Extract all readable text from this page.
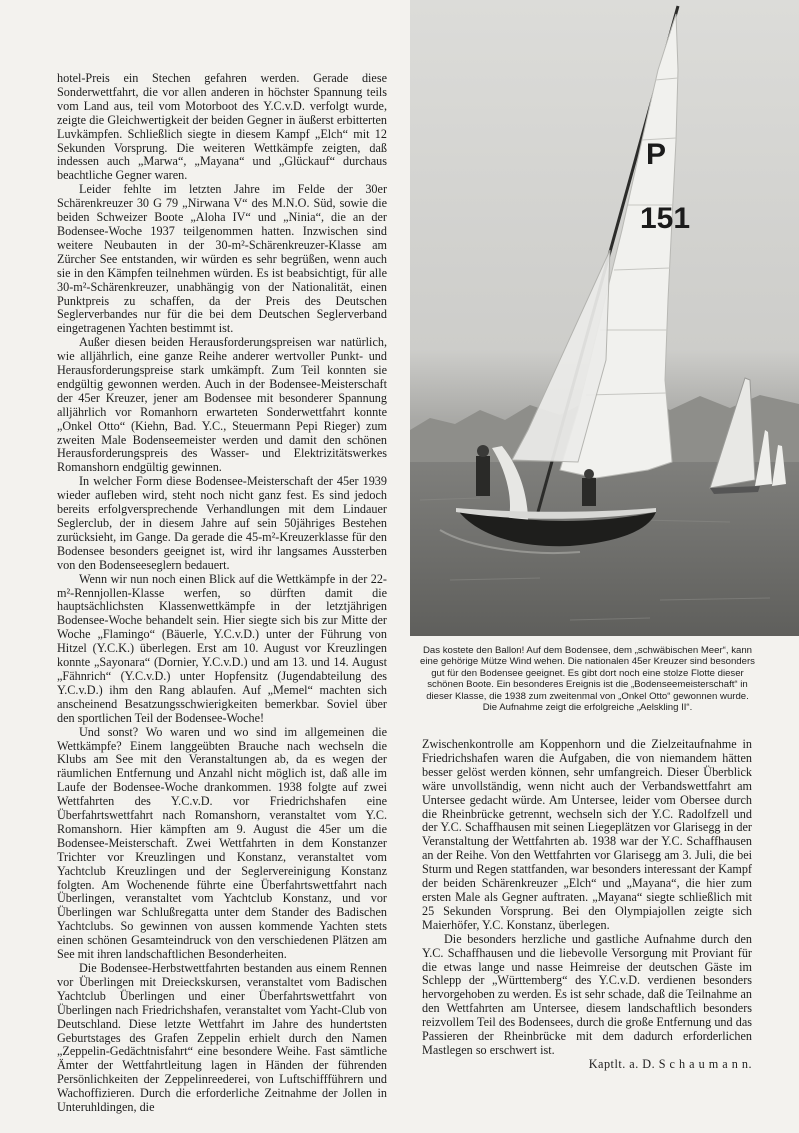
hotel-Preis ein Stechen gefahren werden. Gerade diese Sonderwettfahrt, die vor allen anderen in höchster Spannung teils vom Land aus, teil vom Motorboot des Y.C.v.D. verfolgt wurde, zeigte die Gleichwertigkeit der beiden Gegner in äußerst erbitterten Luvkämpfen. Schließlich siegte in diesem Kampf „Elch“ mit 12 Sekunden Vorsprung. Die weiteren Wettkämpfe zeigten, daß indessen auch „Marwa“, „Mayana“ und „Glückauf“ durchaus beachtliche Gegner waren.

Leider fehlte im letzten Jahre im Felde der 30er Schärenkreuzer 30 G 79 „Nirwana V“ des M.N.O. Süd, sowie die beiden Schweizer Boote „Aloha IV“ und „Ninia“, die an der Bodensee-Woche 1937 teilgenommen hatten. Inzwischen sind weitere Neubauten in der 30-m²-Schärenkreuzer-Klasse am Zürcher See entstanden, wir würden es sehr begrüßen, wenn auch sie in den Kämpfen teilnehmen würden. Es ist beabsichtigt, für alle 30-m²-Schärenkreuzer, unabhängig von der Nationalität, einen Punktpreis zu schaffen, da der Preis des Deutschen Seglerverbandes nur für die bei dem Deutschen Seglerverband eingetragenen Yachten bestimmt ist.

Außer diesen beiden Herausforderungspreisen war natürlich, wie alljährlich, eine ganze Reihe anderer wertvoller Punkt- und Herausforderungspreise stark umkämpft. Zum Teil konnten sie endgültig gewonnen werden. Auch in der Bodensee-Meisterschaft der 45er Kreuzer, jener am Bodensee mit besonderer Spannung alljährlich vor Romanhorn erwarteten Sonderwettfahrt konnte „Onkel Otto“ (Kiehn, Bad. Y.C., Steuermann Pepi Rieger) zum zweiten Male Bodenseemeister werden und damit den schönen Herausforderungspreis des Wasser- und Elektrizitätswerkes Romanshorn endgültig gewinnen.

In welcher Form diese Bodensee-Meisterschaft der 45er 1939 wieder aufleben wird, steht noch nicht ganz fest. Es sind jedoch bereits erfolgversprechende Verhandlungen mit dem Lindauer Seglerclub, der in diesem Jahre auf sein 50jähriges Bestehen zurücksieht, im Gange. Da gerade die 45-m²-Kreuzerklasse für den Bodensee besonders geeignet ist, wird ihr langsames Aussterben von den Bodenseeseglern bedauert.

Wenn wir nun noch einen Blick auf die Wettkämpfe in der 22-m²-Rennjollen-Klasse werfen, so dürften damit die hauptsächlichsten Klassenwettkämpfe in der letztjährigen Bodensee-Woche behandelt sein. Hier siegte sich bis zur Mitte der Woche „Flamingo“ (Bäuerle, Y.C.v.D.) unter der Führung von Hitzel (Y.C.K.) überlegen. Erst am 10. August vor Kreuzlingen konnte „Sayonara“ (Dornier, Y.C.v.D.) und am 13. und 14. August „Fähnrich“ (Y.C.v.D.) unter Hopfensitz (Jugendabteilung des Y.C.v.D.) ihm den Rang ablaufen. Auf „Memel“ machten sich anscheinend Besatzungsschwierigkeiten bemerkbar. Soviel über den sportlichen Teil der Bodensee-Woche!

Und sonst? Wo waren und wo sind im allgemeinen die Wettkämpfe? Einem langgeübten Brauche nach wechseln die Klubs am See mit den Veranstaltungen ab, da es wegen der räumlichen Entfernung und Anzahl nicht möglich ist, daß alle im Laufe der Bodensee-Woche drankommen. 1938 folgte auf zwei Wettfahrten des Y.C.v.D. vor Friedrichshafen eine Überfahrtswettfahrt nach Romanshorn, veranstaltet vom Y.C. Romanshorn. Hier kämpften am 9. August die 45er um die Bodensee-Meisterschaft. Zwei Wettfahrten in dem Konstanzer Trichter vor Kreuzlingen und Konstanz, veranstaltet vom Yachtclub Kreuzlingen und der Seglervereinigung Konstanz folgten. Am Wochenende führte eine Überfahrtswettfahrt nach Überlingen, veranstaltet vom Yachtclub Konstanz, und vor Überlingen war Schlußregatta unter dem Stander des Badischen Yachtclubs. So gewinnen von aussen kommende Yachten stets einen schönen Gesamteindruck von den verschiedenen Plätzen am See mit ihren landschaftlichen Besonderheiten.

Die Bodensee-Herbstwettfahrten bestanden aus einem Rennen vor Überlingen mit Dreieckskursen, veranstaltet vom Badischen Yachtclub Überlingen und einer Überfahrtswettfahrt von Überlingen nach Friedrichshafen, veranstaltet vom Yacht-Club von Deutschland. Diese letzte Wettfahrt im Jahre des hundertsten Geburtstages des Grafen Zeppelin erhielt durch den Namen „Zeppelin-Gedächtnisfahrt“ eine besondere Weihe. Fast sämtliche Ämter der Wettfahrtleitung lagen in Händen der führenden Persönlichkeiten der Zeppelinreederei, von Luftschiffführern und Wachoffizieren. Durch die erforderliche Zeitnahme der Jollen in Unteruhldingen, die

P
151

Das kostete den Ballon! Auf dem Bodensee, dem „schwäbischen Meer“, kann eine gehörige Mütze Wind wehen. Die nationalen 45er Kreuzer sind besonders gut für den Bodensee geeignet. Es gibt dort noch eine stolze Flotte dieser schönen Boote. Ein besonderes Ereignis ist die „Bodenseemeisterschaft“ in dieser Klasse, die 1938 zum zweitenmal von „Onkel Otto“ gewonnen wurde.

Die Aufnahme zeigt die erfolgreiche „Aelskling II“.

Zwischenkontrolle am Koppenhorn und die Zielzeitaufnahme in Friedrichshafen waren die Aufgaben, die von niemandem hätten besser gelöst werden können, sehr umfangreich. Dieser Überblick wäre unvollständig, wenn nicht auch der Verbandswettfahrt am Untersee gedacht würde. Am Untersee, leider vom Obersee durch die Rheinbrücke getrennt, wechseln sich der Y.C. Radolfzell und der Y.C. Schaffhausen mit seinen Liegeplätzen vor Glarisegg in der Veranstaltung der Wettfahrten ab. 1938 war der Y.C. Schaffhausen an der Reihe. Von den Wettfahrten vor Glarisegg am 3. Juli, die bei Sturm und Regen stattfanden, war besonders interessant der Kampf der beiden Schärenkreuzer „Elch“ und „Mayana“, die hier zum ersten Male als Gegner auftraten. „Mayana“ siegte schließlich mit 25 Sekunden Vorsprung. Bei den Olympiajollen zeigte sich Maierhöfer, Y.C. Konstanz, überlegen.

Die besonders herzliche und gastliche Aufnahme durch den Y.C. Schaffhausen und die liebevolle Versorgung mit Proviant für die etwas lange und nasse Heimreise der deutschen Gäste im Schlepp der „Württemberg“ des Y.C.v.D. verdienen besonders hervorgehoben zu werden. Es ist sehr schade, daß die Teilnahme an den Wettfahrten am Untersee, diesem landschaftlich besonders reizvollem Teil des Bodensees, durch die große Entfernung und das Passieren der Rheinbrücke mit dem dadurch erforderlichen Mastlegen so erschwert ist.

Kaptlt. a. D. S c h a u m a n n.
